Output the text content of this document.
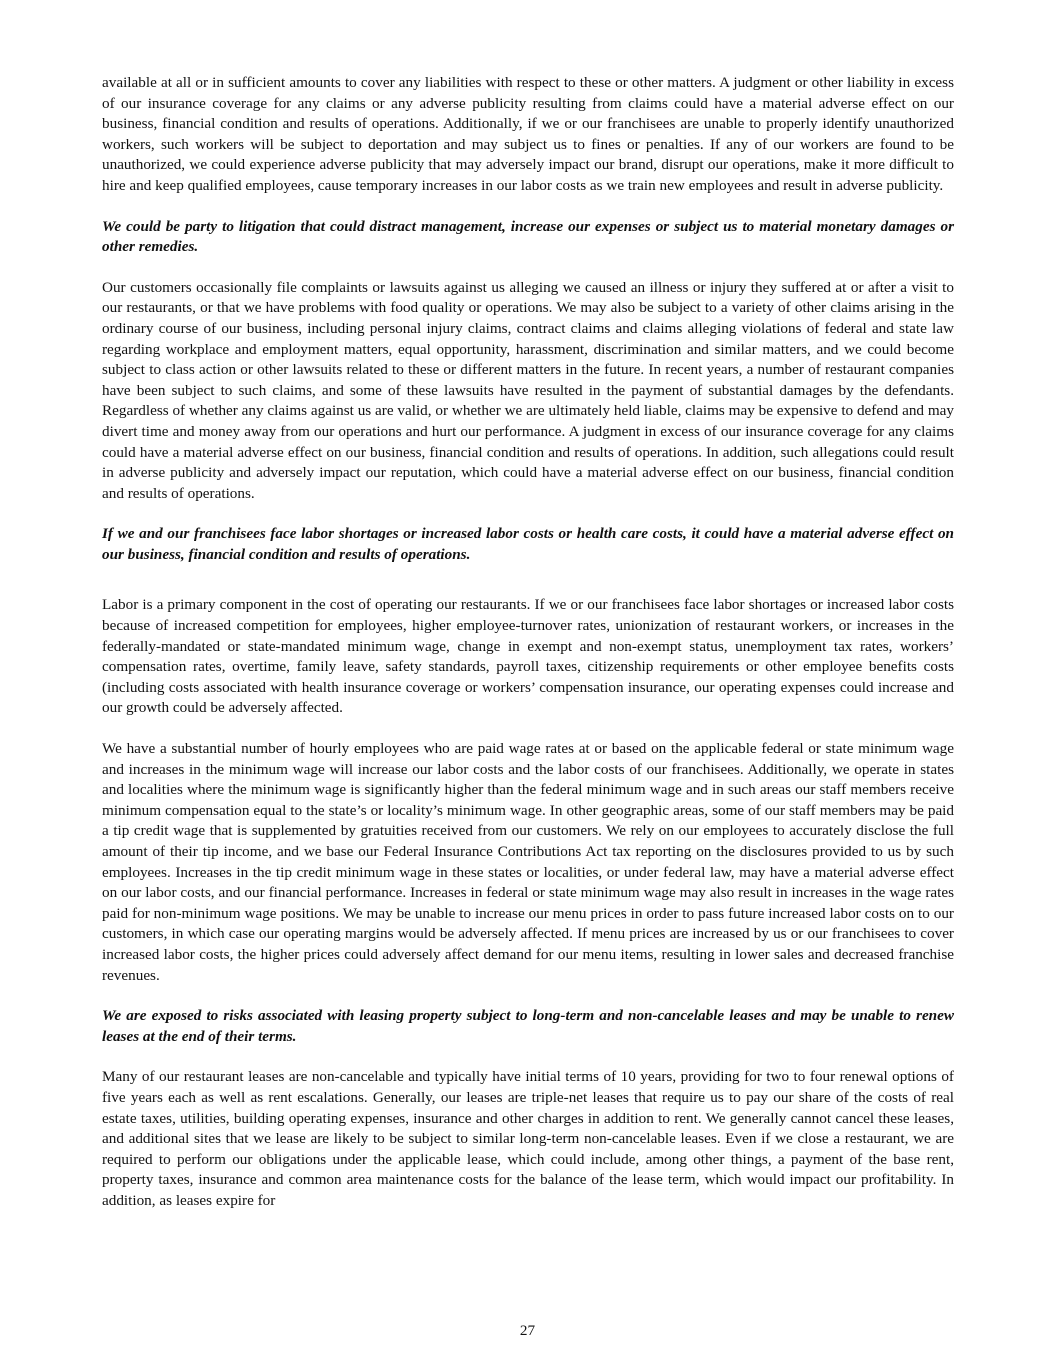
available at all or in sufficient amounts to cover any liabilities with respect to these or other matters. A judgment or other liability in excess of our insurance coverage for any claims or any adverse publicity resulting from claims could have a material adverse effect on our business, financial condition and results of operations. Additionally, if we or our franchisees are unable to properly identify unauthorized workers, such workers will be subject to deportation and may subject us to fines or penalties. If any of our workers are found to be unauthorized, we could experience adverse publicity that may adversely impact our brand, disrupt our operations, make it more difficult to hire and keep qualified employees, cause temporary increases in our labor costs as we train new employees and result in adverse publicity.

We could be party to litigation that could distract management, increase our expenses or subject us to material monetary damages or other remedies.

Our customers occasionally file complaints or lawsuits against us alleging we caused an illness or injury they suffered at or after a visit to our restaurants, or that we have problems with food quality or operations. We may also be subject to a variety of other claims arising in the ordinary course of our business, including personal injury claims, contract claims and claims alleging violations of federal and state law regarding workplace and employment matters, equal opportunity, harassment, discrimination and similar matters, and we could become subject to class action or other lawsuits related to these or different matters in the future. In recent years, a number of restaurant companies have been subject to such claims, and some of these lawsuits have resulted in the payment of substantial damages by the defendants. Regardless of whether any claims against us are valid, or whether we are ultimately held liable, claims may be expensive to defend and may divert time and money away from our operations and hurt our performance. A judgment in excess of our insurance coverage for any claims could have a material adverse effect on our business, financial condition and results of operations. In addition, such allegations could result in adverse publicity and adversely impact our reputation, which could have a material adverse effect on our business, financial condition and results of operations.

If we and our franchisees face labor shortages or increased labor costs or health care costs, it could have a material adverse effect on our business, financial condition and results of operations.

Labor is a primary component in the cost of operating our restaurants. If we or our franchisees face labor shortages or increased labor costs because of increased competition for employees, higher employee-turnover rates, unionization of restaurant workers, or increases in the federally-mandated or state-mandated minimum wage, change in exempt and non-exempt status, unemployment tax rates, workers’ compensation rates, overtime, family leave, safety standards, payroll taxes, citizenship requirements or other employee benefits costs (including costs associated with health insurance coverage or workers’ compensation insurance, our operating expenses could increase and our growth could be adversely affected.

We have a substantial number of hourly employees who are paid wage rates at or based on the applicable federal or state minimum wage and increases in the minimum wage will increase our labor costs and the labor costs of our franchisees. Additionally, we operate in states and localities where the minimum wage is significantly higher than the federal minimum wage and in such areas our staff members receive minimum compensation equal to the state’s or locality’s minimum wage. In other geographic areas, some of our staff members may be paid a tip credit wage that is supplemented by gratuities received from our customers. We rely on our employees to accurately disclose the full amount of their tip income, and we base our Federal Insurance Contributions Act tax reporting on the disclosures provided to us by such employees. Increases in the tip credit minimum wage in these states or localities, or under federal law, may have a material adverse effect on our labor costs, and our financial performance. Increases in federal or state minimum wage may also result in increases in the wage rates paid for non-minimum wage positions. We may be unable to increase our menu prices in order to pass future increased labor costs on to our customers, in which case our operating margins would be adversely affected. If menu prices are increased by us or our franchisees to cover increased labor costs, the higher prices could adversely affect demand for our menu items, resulting in lower sales and decreased franchise revenues.

We are exposed to risks associated with leasing property subject to long-term and non-cancelable leases and may be unable to renew leases at the end of their terms.

Many of our restaurant leases are non-cancelable and typically have initial terms of 10 years, providing for two to four renewal options of five years each as well as rent escalations. Generally, our leases are triple-net leases that require us to pay our share of the costs of real estate taxes, utilities, building operating expenses, insurance and other charges in addition to rent. We generally cannot cancel these leases, and additional sites that we lease are likely to be subject to similar long-term non-cancelable leases. Even if we close a restaurant, we are required to perform our obligations under the applicable lease, which could include, among other things, a payment of the base rent, property taxes, insurance and common area maintenance costs for the balance of the lease term, which would impact our profitability. In addition, as leases expire for

27
